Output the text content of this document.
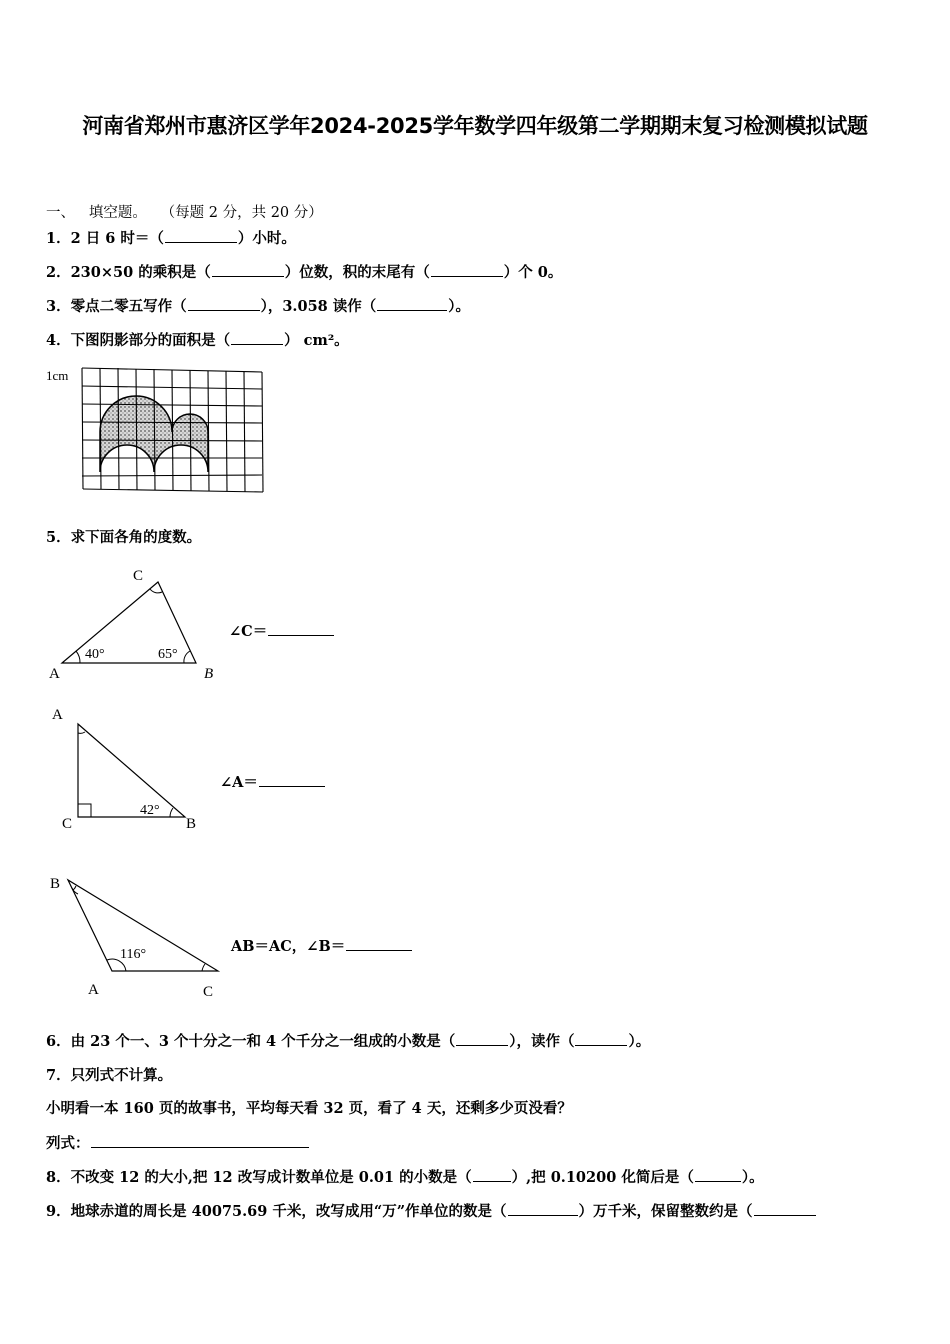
河南省郑州市惠济区学年2024-2025学年数学四年级第二学期期末复习检测模拟试题
一、 填空题。 （每题 2 分，共 20 分）
1．2 日 6 时＝（	）小时。
2．230×50 的乘积是（	）位数，积的末尾有（	）个 0。
3．零点二零五写作（	），3.058 读作（	）。
4．下图阴影部分的面积是（	） cm²。
1cm
5．求下面各角的度数。
C
A	B
40°	65°
∠C＝
A
C	B
42°
∠A＝
B
A	C
116°	AB＝AC，∠B＝
6．由 23 个一、3 个十分之一和 4 个千分之一组成的小数是（	），读作（	）。
7．只列式不计算。
小明看一本 160 页的故事书，平均每天看 32 页，看了 4 天，还剩多少页没看？
列式：
8．不改变 12 的大小,把 12 改写成计数单位是 0.01 的小数是（	）,把 0.10200 化简后是（	）。
9．地球赤道的周长是 40075.69 千米，改写成用“万”作单位的数是（	）万千米，保留整数约是（
